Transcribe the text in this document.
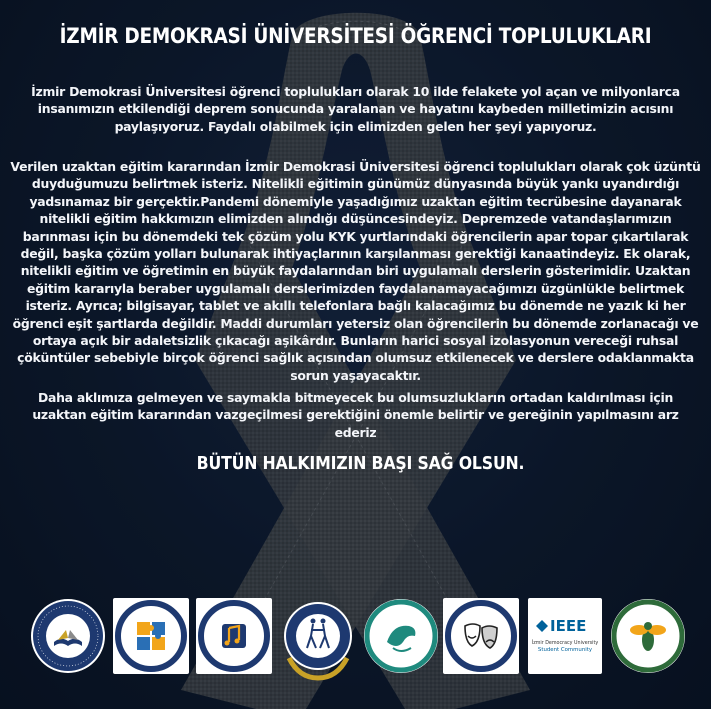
İZMİR DEMOKRASİ ÜNİVERSİTESİ ÖĞRENCİ TOPLULUKLARI
İzmir Demokrasi Üniversitesi öğrenci toplulukları olarak 10 ilde felakete yol açan ve milyonlarca insanımızın etkilendiği deprem sonucunda yaralanan ve hayatını kaybeden milletimizin acısını paylaşıyoruz. Faydalı olabilmek için elimizden gelen her şeyi yapıyoruz.
Verilen uzaktan eğitim kararından İzmir Demokrasi Üniversitesi öğrenci toplulukları olarak çok üzüntü duyduğumuzu belirtmek isteriz. Nitelikli eğitimin günümüz dünyasında büyük yankı uyandırdığı yadsınamaz bir gerçektir.Pandemi dönemiyle yaşadığımız uzaktan eğitim tecrübesine dayanarak nitelikli eğitim hakkımızın elimizden alındığı düşüncesindeyiz. Depremzede vatandaşlarımızın barınması için bu dönemdeki tek çözüm yolu KYK yurtlarındaki öğrencilerin apar topar çıkartılarak değil, başka çözüm yolları bulunarak ihtiyaçlarının karşılanması gerektiği kanaatindeyiz. Ek olarak, nitelikli eğitim ve öğretimin en büyük faydalarından biri uygulamalı derslerin gösterimidir. Uzaktan eğitim kararıyla beraber uygulamalı derslerimizden faydalanamayacağımızı üzgünlükle belirtmek isteriz. Ayrıca; bilgisayar, tablet ve akıllı telefonlara bağlı kalacağımız bu dönemde ne yazık ki her öğrenci eşit şartlarda değildir. Maddi durumları yetersiz olan öğrencilerin bu dönemde zorlanacağı ve ortaya açık bir adaletsizlik çıkacağı aşikârdır. Bunların harici sosyal izolasyonun vereceği ruhsal çöküntüler sebebiyle birçok öğrenci sağlık açısından olumsuz etkilenecek ve derslere odaklanmakta sorun yaşayacaktır.
Daha aklımıza gelmeyen ve saymakla bitmeyecek bu olumsuzlukların ortadan kaldırılması için uzaktan eğitim kararından vazgeçilmesi gerektiğini önemle belirtir ve gereğinin yapılmasını arz ederiz
BÜTÜN HALKIMIZIN BAŞI SAĞ OLSUN.
IEEE
İzmir Democracy University
Student Community
